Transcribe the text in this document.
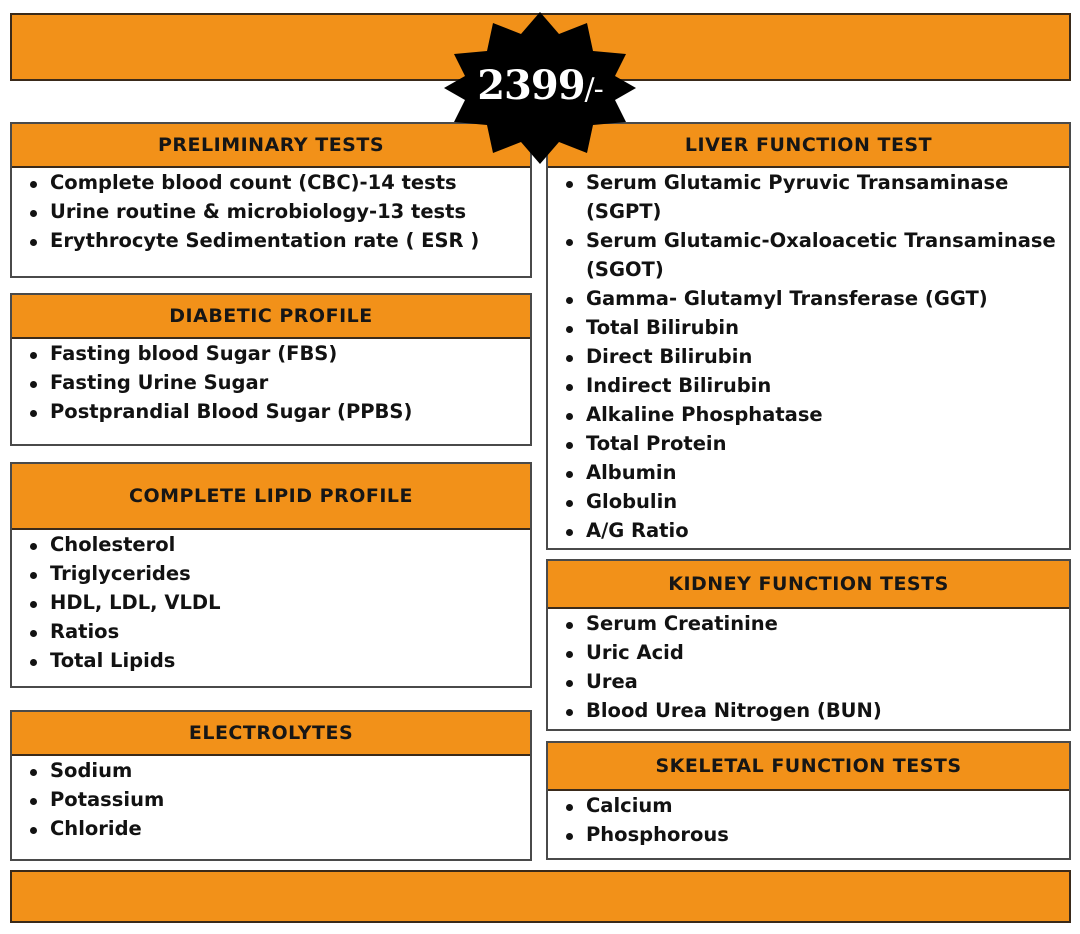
PRELIMINARY TESTS
Complete blood count (CBC)-14 tests
Urine routine & microbiology-13 tests
Erythrocyte Sedimentation rate ( ESR )
DIABETIC PROFILE
Fasting blood Sugar (FBS)
Fasting Urine Sugar
Postprandial Blood Sugar (PPBS)
COMPLETE LIPID PROFILE
Cholesterol
Triglycerides
HDL, LDL, VLDL
Ratios
Total Lipids
ELECTROLYTES
Sodium
Potassium
Chloride
LIVER FUNCTION TEST
Serum Glutamic Pyruvic Transaminase (SGPT)
Serum Glutamic-Oxaloacetic Transaminase (SGOT)
Gamma- Glutamyl Transferase (GGT)
Total Bilirubin
Direct Bilirubin
Indirect Bilirubin
Alkaline Phosphatase
Total Protein
Albumin
Globulin
A/G Ratio
KIDNEY FUNCTION TESTS
Serum Creatinine
Uric Acid
Urea
Blood Urea Nitrogen (BUN)
SKELETAL FUNCTION TESTS
Calcium
Phosphorous
2399/-
